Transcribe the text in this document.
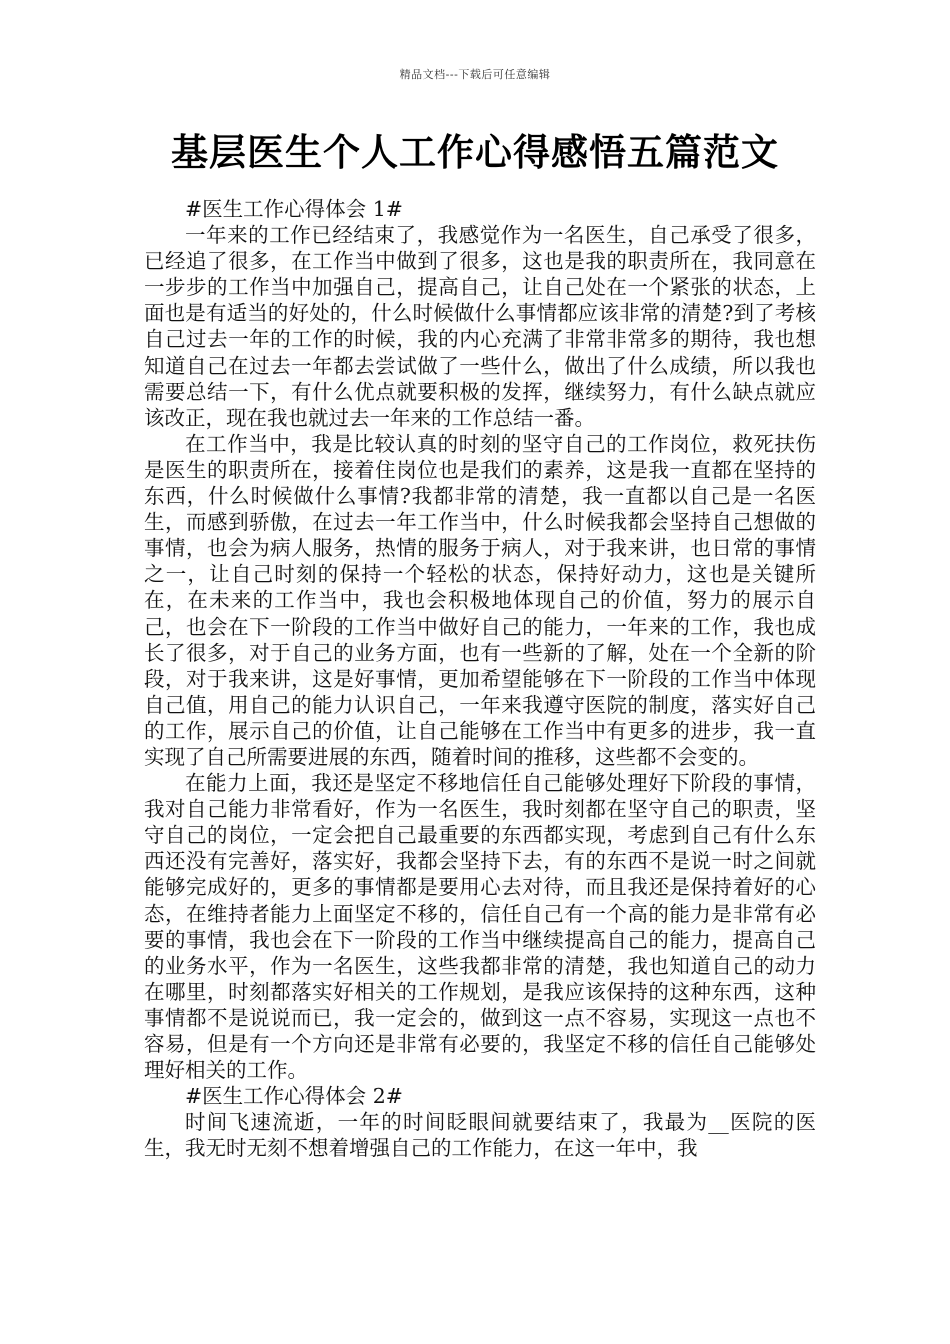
精品文档---下载后可任意编辑
基层医生个人工作心得感悟五篇范文

#医生工作心得体会 1#

一年来的工作已经结束了，我感觉作为一名医生，自己承受了很多，已经追了很多，在工作当中做到了很多，这也是我的职责所在，我同意在一步步的工作当中加强自己，提高自己，让自己处在一个紧张的状态，上面也是有适当的好处的，什么时候做什么事情都应该非常的清楚?到了考核自己过去一年的工作的时候，我的内心充满了非常非常多的期待，我也想知道自己在过去一年都去尝试做了一些什么，做出了什么成绩，所以我也需要总结一下，有什么优点就要积极的发挥，继续努力，有什么缺点就应该改正，现在我也就过去一年来的工作总结一番。

在工作当中，我是比较认真的时刻的坚守自己的工作岗位，救死扶伤是医生的职责所在，接着住岗位也是我们的素养，这是我一直都在坚持的东西，什么时候做什么事情?我都非常的清楚，我一直都以自己是一名医生，而感到骄傲，在过去一年工作当中，什么时候我都会坚持自己想做的事情，也会为病人服务，热情的服务于病人，对于我来讲，也日常的事情之一，让自己时刻的保持一个轻松的状态，保持好动力，这也是关键所在，在未来的工作当中，我也会积极地体现自己的价值，努力的展示自己，也会在下一阶段的工作当中做好自己的能力，一年来的工作，我也成长了很多，对于自己的业务方面，也有一些新的了解，处在一个全新的阶段，对于我来讲，这是好事情，更加希望能够在下一阶段的工作当中体现自己值，用自己的能力认识自己，一年来我遵守医院的制度，落实好自己的工作，展示自己的价值，让自己能够在工作当中有更多的进步，我一直实现了自己所需要进展的东西，随着时间的推移，这些都不会变的。

在能力上面，我还是坚定不移地信任自己能够处理好下阶段的事情，我对自己能力非常看好，作为一名医生，我时刻都在坚守自己的职责，坚守自己的岗位，一定会把自己最重要的东西都实现，考虑到自己有什么东西还没有完善好，落实好，我都会坚持下去，有的东西不是说一时之间就能够完成好的，更多的事情都是要用心去对待，而且我还是保持着好的心态，在维持者能力上面坚定不移的，信任自己有一个高的能力是非常有必要的事情，我也会在下一阶段的工作当中继续提高自己的能力，提高自己的业务水平，作为一名医生，这些我都非常的清楚，我也知道自己的动力在哪里，时刻都落实好相关的工作规划，是我应该保持的这种东西，这种事情都不是说说而已，我一定会的，做到这一点不容易，实现这一点也不容易，但是有一个方向还是非常有必要的，我坚定不移的信任自己能够处理好相关的工作。

#医生工作心得体会 2#

时间飞速流逝，一年的时间眨眼间就要结束了，我最为__医院的医生，我无时无刻不想着增强自己的工作能力，在这一年中，我
